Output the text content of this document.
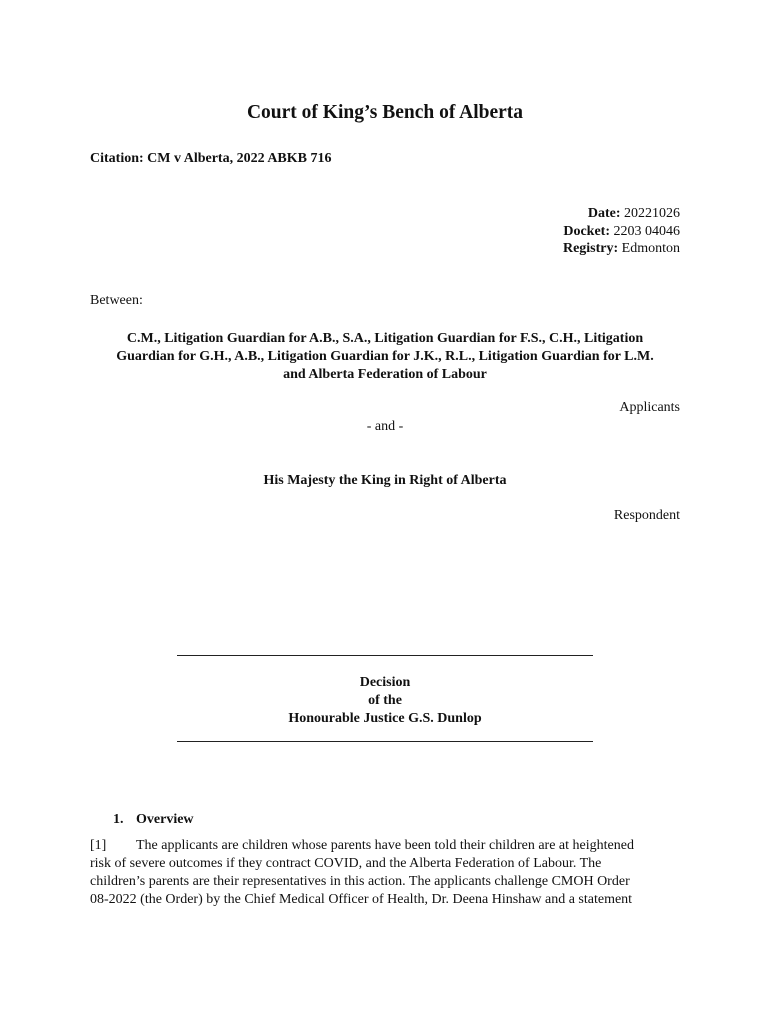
Court of King’s Bench of Alberta
Citation: CM v Alberta, 2022 ABKB 716
Date: 20221026
Docket: 2203 04046
Registry: Edmonton
Between:
C.M., Litigation Guardian for A.B., S.A., Litigation Guardian for F.S., C.H., Litigation
Guardian for G.H., A.B., Litigation Guardian for J.K., R.L., Litigation Guardian for L.M.
and Alberta Federation of Labour
Applicants
- and -
His Majesty the King in Right of Alberta
Respondent
Decision
of the
Honourable Justice G.S. Dunlop
1. Overview
[1] The applicants are children whose parents have been told their children are at heightened
risk of severe outcomes if they contract COVID, and the Alberta Federation of Labour. The
children’s parents are their representatives in this action. The applicants challenge CMOH Order
08-2022 (the Order) by the Chief Medical Officer of Health, Dr. Deena Hinshaw and a statement
